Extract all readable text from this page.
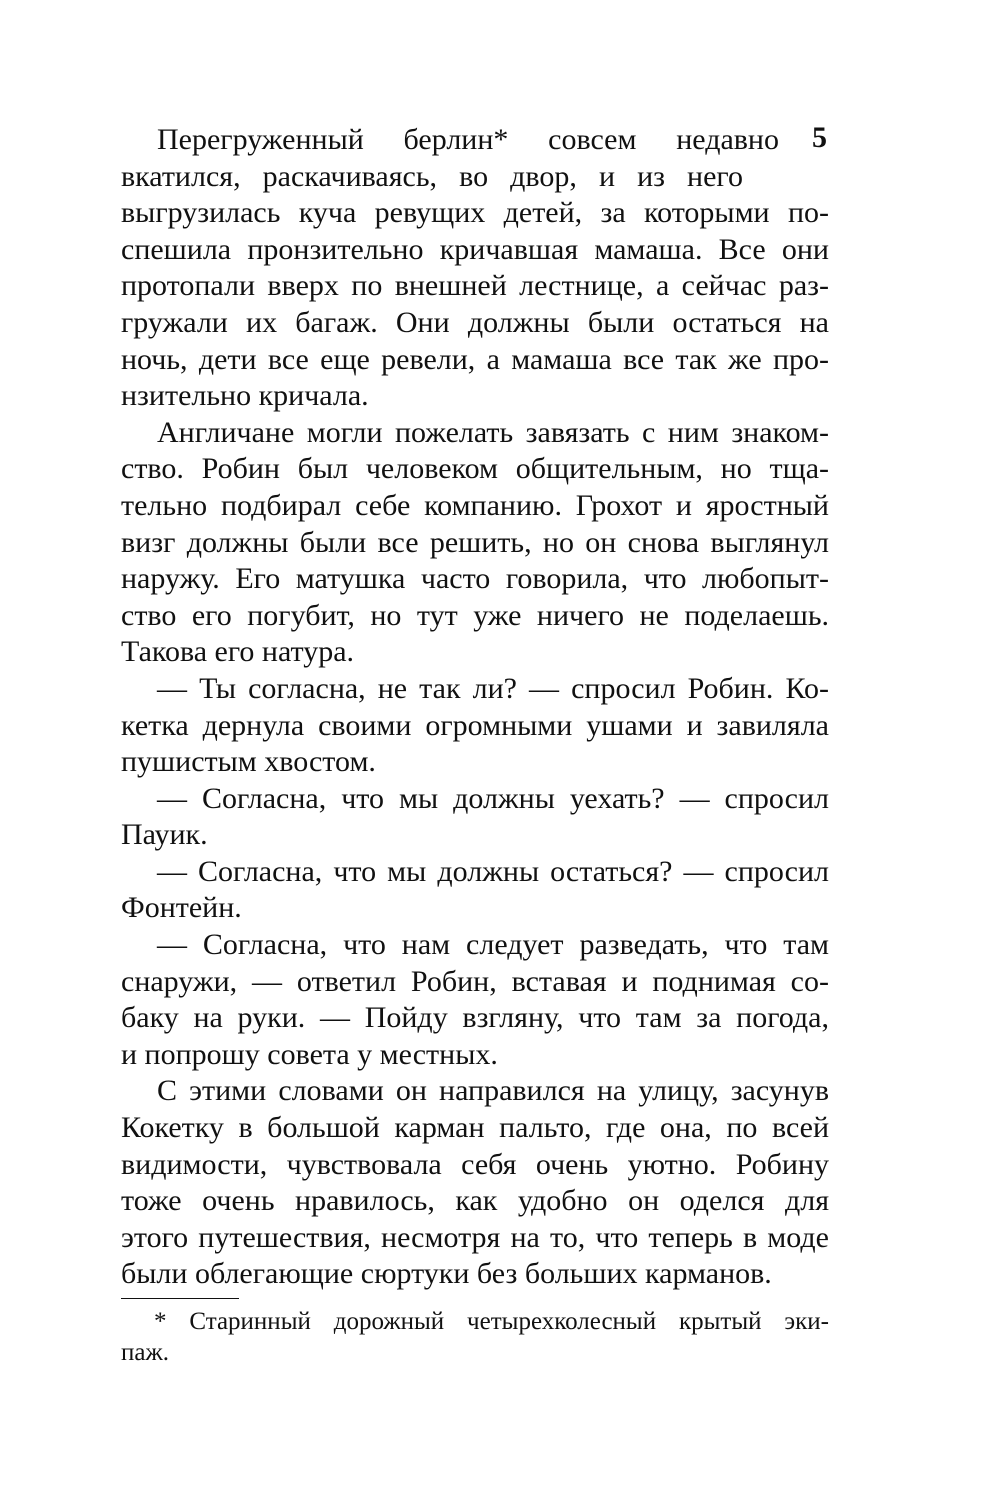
5
Перегруженный берлин* совсем недавно
вкатился, раскачиваясь, во двор, и из него
выгрузилась куча ревущих детей, за которыми по-
спешила пронзительно кричавшая мамаша. Все они
протопали вверх по внешней лестнице, а сейчас раз-
гружали их багаж. Они должны были остаться на
ночь, дети все еще ревели, а мамаша все так же про-
нзительно кричала.
Англичане могли пожелать завязать с ним знаком-
ство. Робин был человеком общительным, но тща-
тельно подбирал себе компанию. Грохот и яростный
визг должны были все решить, но он снова выглянул
наружу. Его матушка часто говорила, что любопыт-
ство его погубит, но тут уже ничего не поделаешь.
Такова его натура.
— Ты согласна, не так ли? — спросил Робин. Ко-
кетка дернула своими огромными ушами и завиляла
пушистым хвостом.
— Согласна, что мы должны уехать? — спросил
Пауик.
— Согласна, что мы должны остаться? — спросил
Фонтейн.
— Согласна, что нам следует разведать, что там
снаружи, — ответил Робин, вставая и поднимая со-
баку на руки. — Пойду взгляну, что там за погода,
и попрошу совета у местных.
С этими словами он направился на улицу, засунув
Кокетку в большой карман пальто, где она, по всей
видимости, чувствовала себя очень уютно. Робину
тоже очень нравилось, как удобно он оделся для
этого путешествия, несмотря на то, что теперь в моде
были облегающие сюртуки без больших карманов.
* Старинный дорожный четырехколесный крытый эки-
паж.
